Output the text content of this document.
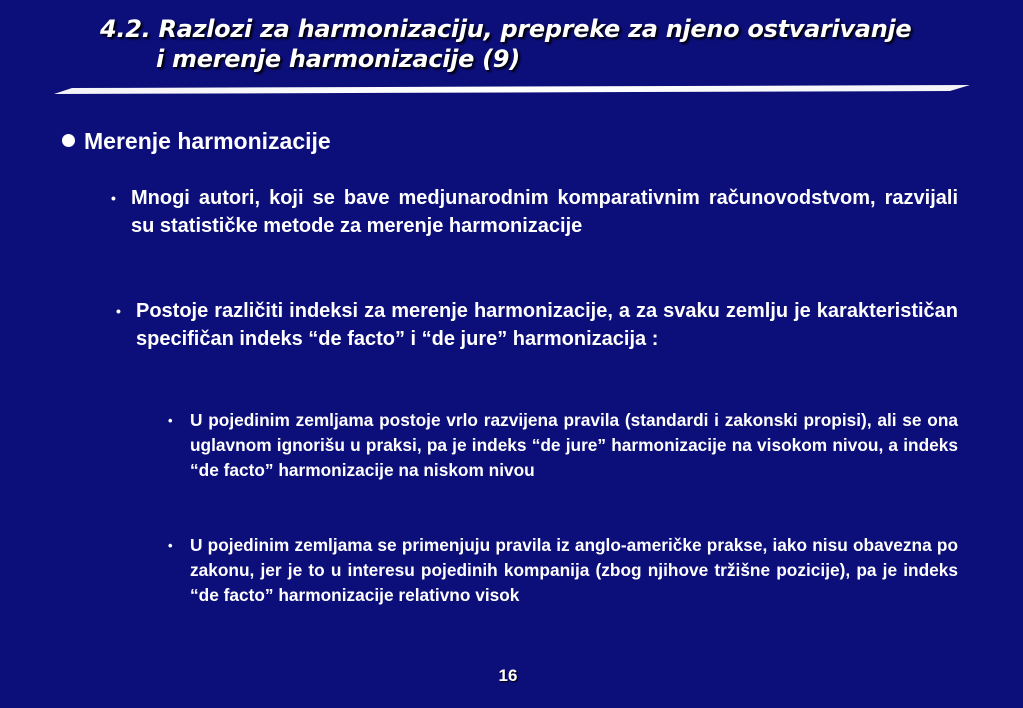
4.2. Razlozi za harmonizaciju, prepreke za njeno ostvarivanje
i merenje harmonizacije (9)
Merenje harmonizacije
• Mnogi autori, koji se bave medjunarodnim komparativnim računovodstvom, razvijali su statističke metode za merenje harmonizacije
• Postoje različiti indeksi za merenje harmonizacije, a za svaku zemlju je karakterističan specifičan indeks “de facto” i “de jure” harmonizacija :
• U pojedinim zemljama postoje vrlo razvijena pravila (standardi i zakonski propisi), ali se ona uglavnom ignorišu u praksi, pa je indeks “de jure” harmonizacije na visokom nivou, a indeks “de facto” harmonizacije na niskom nivou
• U pojedinim zemljama se primenjuju pravila iz anglo-američke prakse, iako nisu obavezna po zakonu, jer je to u interesu pojedinih kompanija (zbog njihove tržišne pozicije), pa je indeks “de facto” harmonizacije relativno visok
16
